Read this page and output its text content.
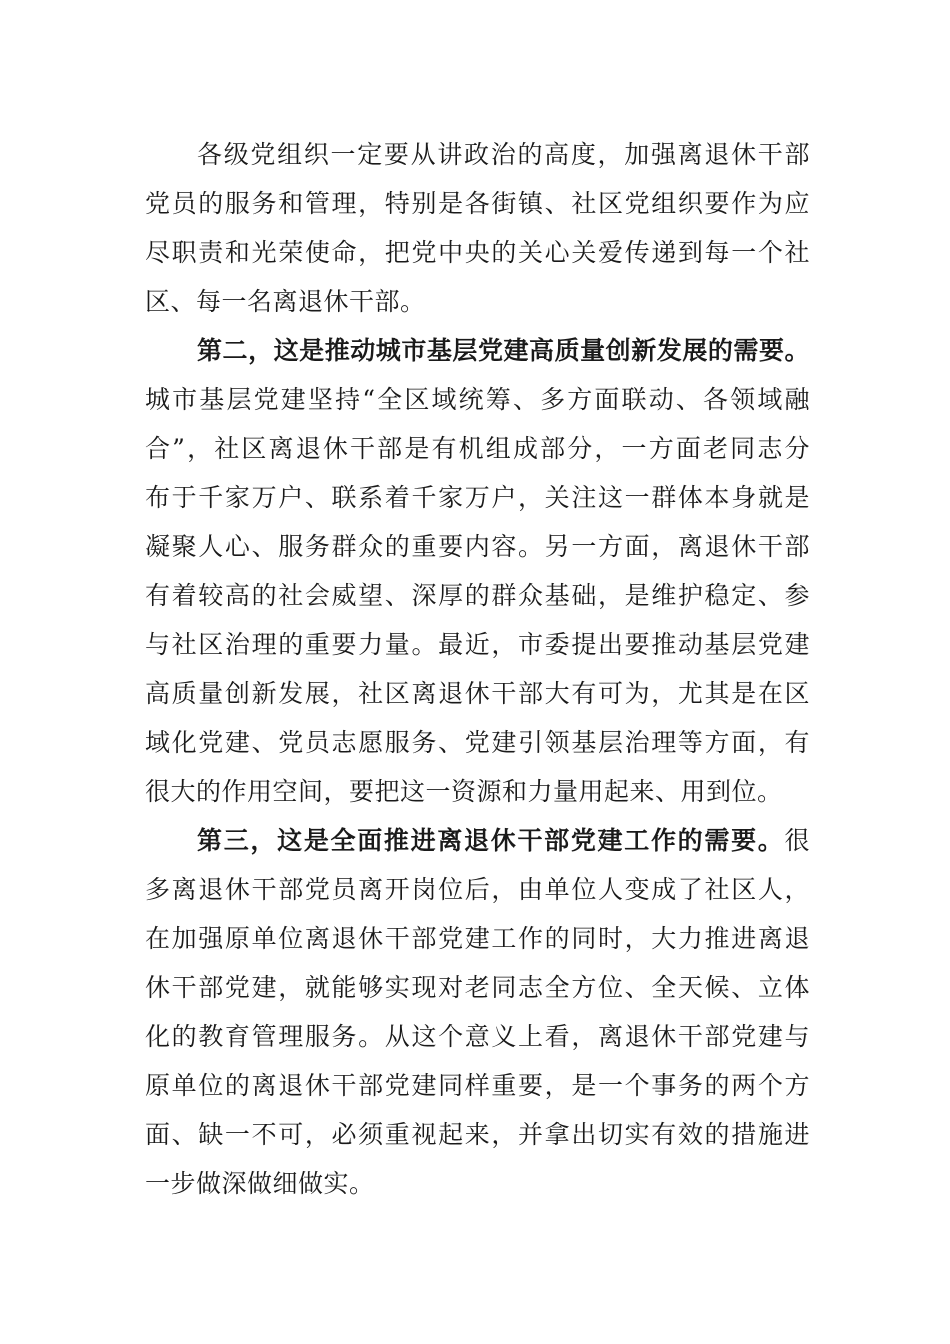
各级党组织一定要从讲政治的高度，加强离退休干部
党员的服务和管理，特别是各街镇、社区党组织要作为应
尽职责和光荣使命，把党中央的关心关爱传递到每一个社
区、每一名离退休干部。
第二，这是推动城市基层党建高质量创新发展的需要。
城市基层党建坚持“全区域统筹、多方面联动、各领域融
合”，社区离退休干部是有机组成部分，一方面老同志分
布于千家万户、联系着千家万户，关注这一群体本身就是
凝聚人心、服务群众的重要内容。另一方面，离退休干部
有着较高的社会威望、深厚的群众基础，是维护稳定、参
与社区治理的重要力量。最近，市委提出要推动基层党建
高质量创新发展，社区离退休干部大有可为，尤其是在区
域化党建、党员志愿服务、党建引领基层治理等方面，有
很大的作用空间，要把这一资源和力量用起来、用到位。
第三，这是全面推进离退休干部党建工作的需要。很
多离退休干部党员离开岗位后，由单位人变成了社区人，
在加强原单位离退休干部党建工作的同时，大力推进离退
休干部党建，就能够实现对老同志全方位、全天候、立体
化的教育管理服务。从这个意义上看，离退休干部党建与
原单位的离退休干部党建同样重要，是一个事务的两个方
面、缺一不可，必须重视起来，并拿出切实有效的措施进
一步做深做细做实。
